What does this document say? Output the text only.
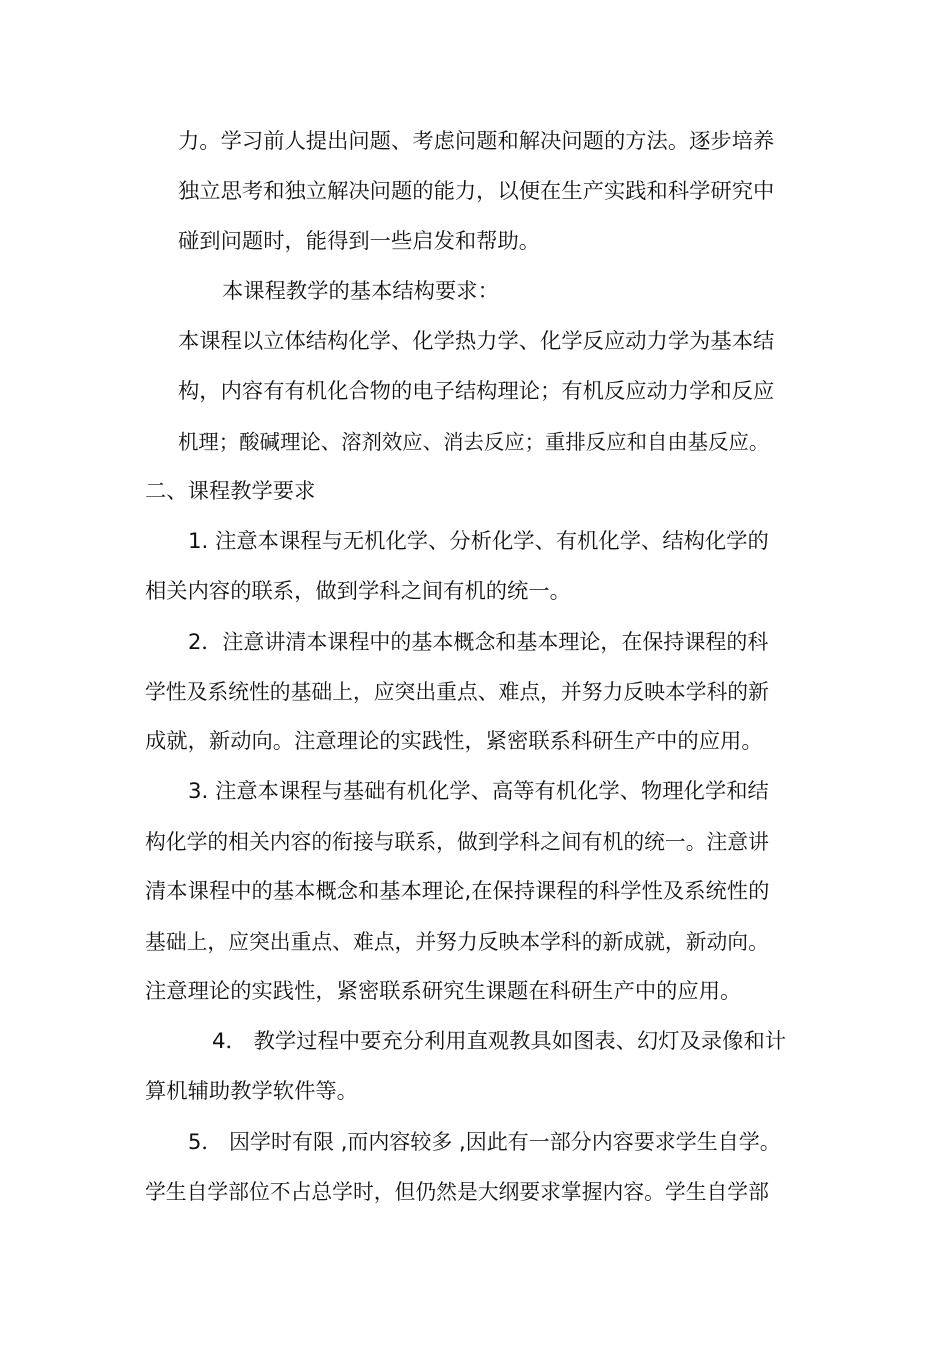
力。学习前人提出问题、考虑问题和解决问题的方法。逐步培养
独立思考和独立解决问题的能力，以便在生产实践和科学研究中
碰到问题时，能得到一些启发和帮助。
本课程教学的基本结构要求：
本课程以立体结构化学、化学热力学、化学反应动力学为基本结
构，内容有有机化合物的电子结构理论；有机反应动力学和反应
机理；酸碱理论、溶剂效应、消去反应；重排反应和自由基反应。
二、课程教学要求
1. 注意本课程与无机化学、分析化学、有机化学、结构化学的
相关内容的联系，做到学科之间有机的统一。
2．注意讲清本课程中的基本概念和基本理论，在保持课程的科
学性及系统性的基础上，应突出重点、难点，并努力反映本学科的新
成就，新动向。注意理论的实践性，紧密联系科研生产中的应用。
3. 注意本课程与基础有机化学、高等有机化学、物理化学和结
构化学的相关内容的衔接与联系，做到学科之间有机的统一。注意讲
清本课程中的基本概念和基本理论,在保持课程的科学性及系统性的
基础上，应突出重点、难点，并努力反映本学科的新成就，新动向。
注意理论的实践性，紧密联系研究生课题在科研生产中的应用。
4． 教学过程中要充分利用直观教具如图表、幻灯及录像和计
算机辅助教学软件等。
5． 因学时有限 ,而内容较多 ,因此有一部分内容要求学生自学。
学生自学部位不占总学时，但仍然是大纲要求掌握内容。学生自学部
